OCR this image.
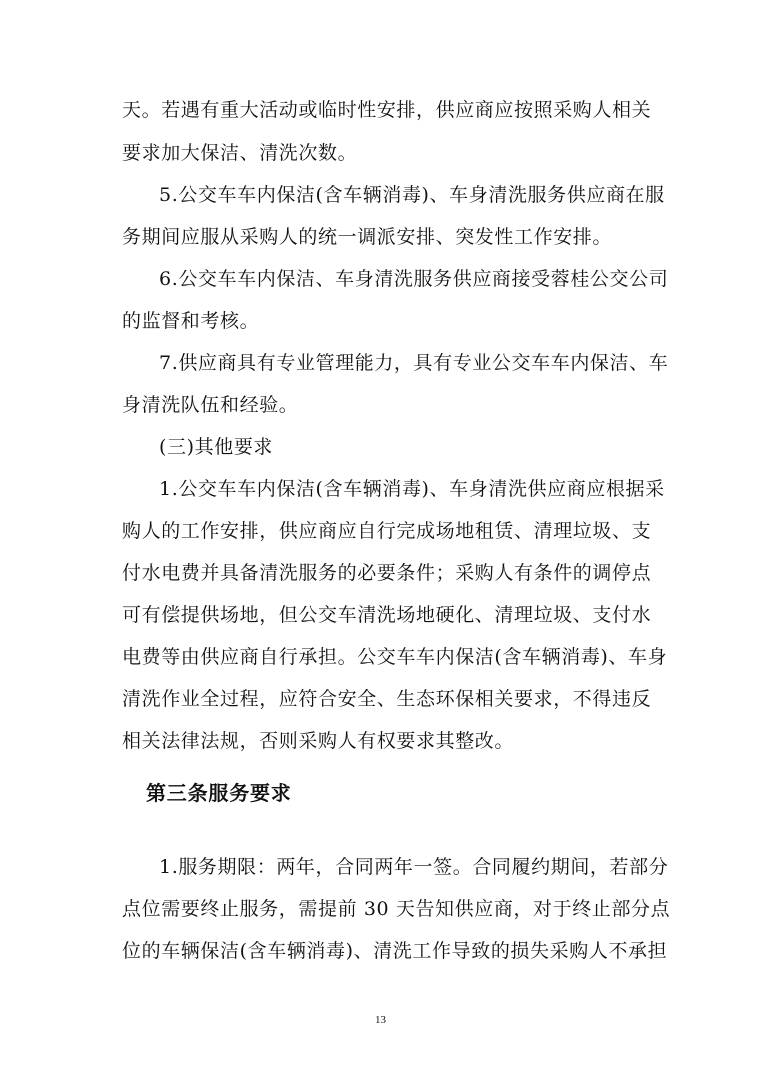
天。若遇有重大活动或临时性安排，供应商应按照采购人相关
要求加大保洁、清洗次数。
5.公交车车内保洁(含车辆消毒)、车身清洗服务供应商在服
务期间应服从采购人的统一调派安排、突发性工作安排。
6.公交车车内保洁、车身清洗服务供应商接受蓉桂公交公司
的监督和考核。
7.供应商具有专业管理能力，具有专业公交车车内保洁、车
身清洗队伍和经验。
(三)其他要求
1.公交车车内保洁(含车辆消毒)、车身清洗供应商应根据采
购人的工作安排，供应商应自行完成场地租赁、清理垃圾、支
付水电费并具备清洗服务的必要条件；采购人有条件的调停点
可有偿提供场地，但公交车清洗场地硬化、清理垃圾、支付水
电费等由供应商自行承担。公交车车内保洁(含车辆消毒)、车身
清洗作业全过程，应符合安全、生态环保相关要求，不得违反
相关法律法规，否则采购人有权要求其整改。
第三条服务要求
1.服务期限：两年，合同两年一签。合同履约期间，若部分
点位需要终止服务，需提前 30 天告知供应商，对于终止部分点
位的车辆保洁(含车辆消毒)、清洗工作导致的损失采购人不承担
13
